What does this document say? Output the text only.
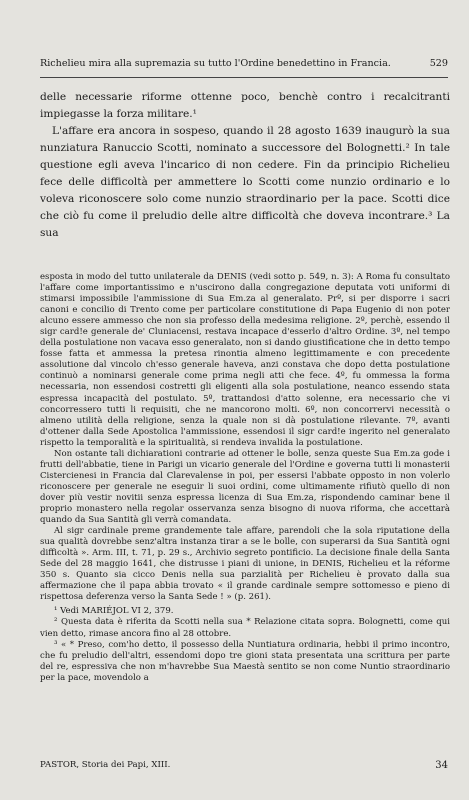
Richelieu mira alla supremazia su tutto l'Ordine benedettino in Francia.	529

delle necessarie riforme ottenne poco, benchè contro i recalcitranti impiegasse la forza militare.¹

L'affare era ancora in sospeso, quando il 28 agosto 1639 inaugurò la sua nunziatura Ranuccio Scotti, nominato a successore del Bolognetti.² In tale questione egli aveva l'incarico di non cedere. Fin da principio Richelieu fece delle difficoltà per ammettere lo Scotti come nunzio ordinario e lo voleva riconoscere solo come nunzio straordinario per la pace. Scotti dice che ciò fu come il preludio delle altre difficoltà che doveva incontrare.³ La sua

esposta in modo del tutto unilaterale da DENIS (vedi sotto p. 549, n. 3): A Roma fu consultato l'affare come importantissimo e n'uscirono dalla congregazione deputata voti uniformi di stimarsi impossibile l'ammissione di Sua Em.za al generalato. Prº, si per disporre i sacri canoni e concilio di Trento come per particolare constitutione di Papa Eugenio di non poter alcuno essere ammesso che non sia professo della medesima religione. 2º, perchè, essendo il sigr card!e generale de' Cluniacensi, restava incapace d'esserlo d'altro Ordine. 3º, nel tempo della postulatione non vacava esso generalato, non si dando giustificatione che in detto tempo fosse fatta et ammessa la pretesa rinontia almeno legittimamente e con precedente assolutione dal vincolo ch'esso generale haveva, anzi constava che dopo detta postulatione continuò a nominarsi generale come prima negli atti che fece. 4º, fu ommessa la forma necessaria, non essendosi costretti gli eligenti alla sola postulatione, neanco essendo stata espressa incapacità del postulato. 5º, trattandosi d'atto solenne, era necessario che vi concorressero tutti li requisiti, che ne mancorono molti. 6º, non concorrervi necessità o almeno utilità della religione, senza la quale non si dà postulatione rilevante. 7º, avanti d'ottener dalla Sede Apostolica l'ammissione, essendosi il sigr card!e ingerito nel generalato rispetto la temporalità e la spiritualità, si rendeva invalida la postulatione.

Non ostante tali dichiarationi contrarie ad ottener le bolle, senza queste Sua Em.za gode i frutti dell'abbatie, tiene in Parigi un vicario generale del l'Ordine e governa tutti li monasterii Cistercienesi in Francia dal Clarevalense in poi, per essersi l'abbate opposto in non volerlo riconoscere per generale ne eseguir li suoi ordini, come ultimamente rifiutò quello di non dover più vestir novitii senza espressa licenza di Sua Em.za, rispondendo caminar bene il proprio monastero nella regolar osservanza senza bisogno di nuova riforma, che accettarà quando da Sua Santità gli verrà comandata.

Al sigr cardinale preme grandemente tale affare, parendoli che la sola riputatione della sua qualità dovrebbe senz'altra instanza tirar a se le bolle, con superarsi da Sua Santità ogni difficoltà ». Arm. III, t. 71, p. 29 s., Archivio segreto pontificio. La decisione finale della Santa Sede del 28 maggio 1641, che distrusse i piani di unione, in DENIS, Richelieu et la réforme 350 s. Quanto sia cicco Denis nella sua parzialità per Richelieu è provato dalla sua affermazione che il papa abbia trovato « il grande cardinale sempre sottomesso e pieno di rispettosa deferenza verso la Santa Sede ! » (p. 261).

¹ Vedi MARIÉJOL VI 2, 379.

² Questa data è riferita da Scotti nella sua * Relazione citata sopra. Bolognetti, come qui vien detto, rimase ancora fino al 28 ottobre.

³ « * Preso, com'ho detto, il possesso della Nuntiatura ordinaria, hebbi il primo incontro, che fu preludio dell'altri, essendomi dopo tre gioni stata presentata una scrittura per parte del re, espressiva che non m'havrebbe Sua Maestà sentito se non come Nuntio straordinario per la pace, movendolo a

PASTOR, Storia dei Papi, XIII.	34
